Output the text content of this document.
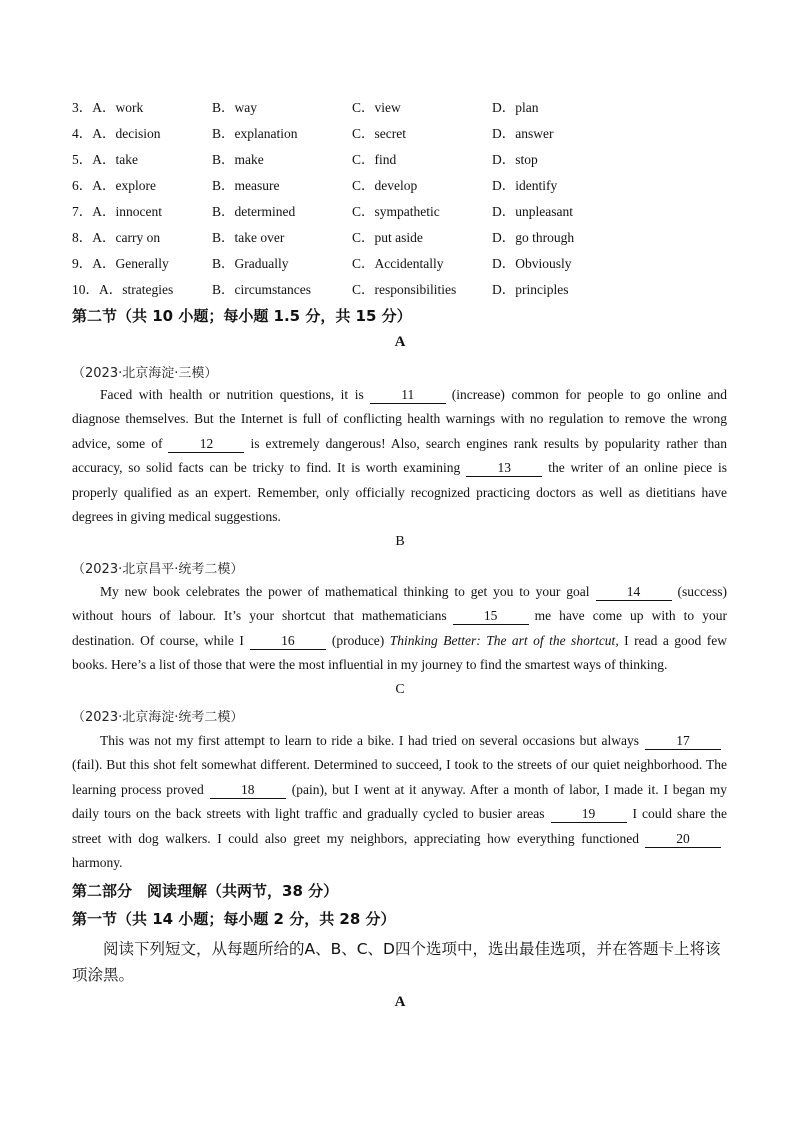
3．A．work	B．way	C．view	D．plan
4．A．decision	B．explanation	C．secret	D．answer
5．A．take	B．make	C．find	D．stop
6．A．explore	B．measure	C．develop	D．identify
7．A．innocent	B．determined	C．sympathetic	D．unpleasant
8．A．carry on	B．take over	C．put aside	D．go through
9．A．Generally	B．Gradually	C．Accidentally	D．Obviously
10．A．strategies	B．circumstances	C．responsibilities	D．principles
第二节（共 10 小题；每小题 1.5 分，共 15 分）
A
（2023·北京海淀·三模）
Faced with health or nutrition questions, it is	11	(increase) common for people to go online and diagnose themselves. But the Internet is full of conflicting health warnings with no regulation to remove the wrong advice, some of	12	is extremely dangerous! Also, search engines rank results by popularity rather than accuracy, so solid facts can be tricky to find. It is worth examining	13	the writer of an online piece is properly qualified as an expert. Remember, only officially recognized practicing doctors as well as dietitians have degrees in giving medical suggestions.
B
（2023·北京昌平·统考二模）
My new book celebrates the power of mathematical thinking to get you to your goal	14	(success) without hours of labour. It’s your shortcut that mathematicians	15	me have come up with to your destination. Of course, while I	16	(produce) Thinking Better: The art of the shortcut, I read a good few books. Here’s a list of those that were the most influential in my journey to find the smartest ways of thinking.
C
（2023·北京海淀·统考二模）
This was not my first attempt to learn to ride a bike. I had tried on several occasions but always	17(fail). But this shot felt somewhat different. Determined to succeed, I took to the streets of our quiet neighborhood. The learning process proved	18	(pain), but I went at it anyway. After a month of labor, I made it. I began my daily tours on the back streets with light traffic and gradually cycled to busier areas	19	I could share the street with dog walkers. I could also greet my neighbors, appreciating how everything functioned	20harmony.
第二部分　阅读理解（共两节，38 分）
第一节（共 14 小题；每小题 2 分，共 28 分）
阅读下列短文，从每题所给的A、B、C、D四个选项中，选出最佳选项，并在答题卡上将该项涂黑。
A
